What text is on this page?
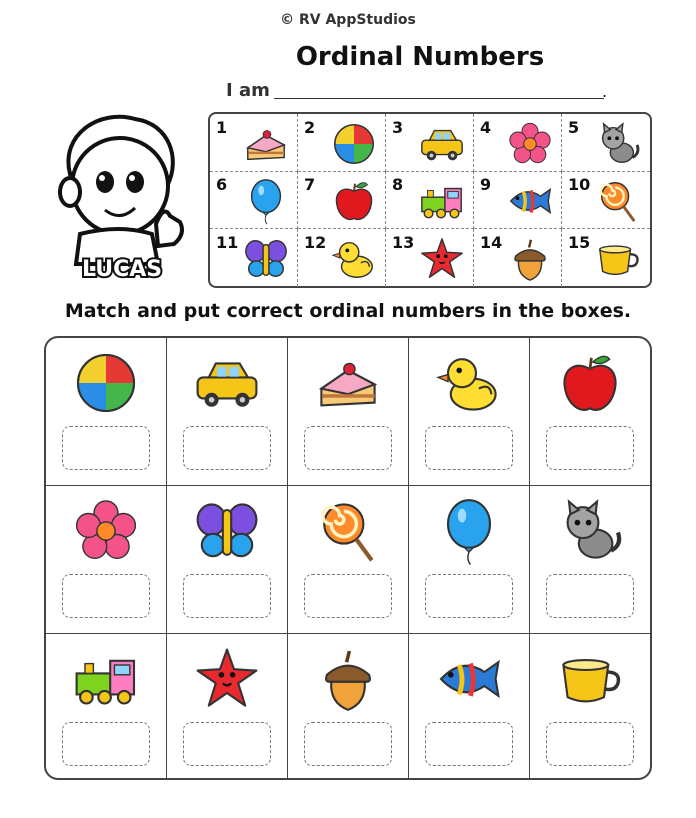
© RV AppStudios
Ordinal Numbers
I am	.
LUCAS
1	2	3	4	5
6	7	8	9	10
11	12	13	14	15
Match and put correct ordinal numbers in the boxes.
